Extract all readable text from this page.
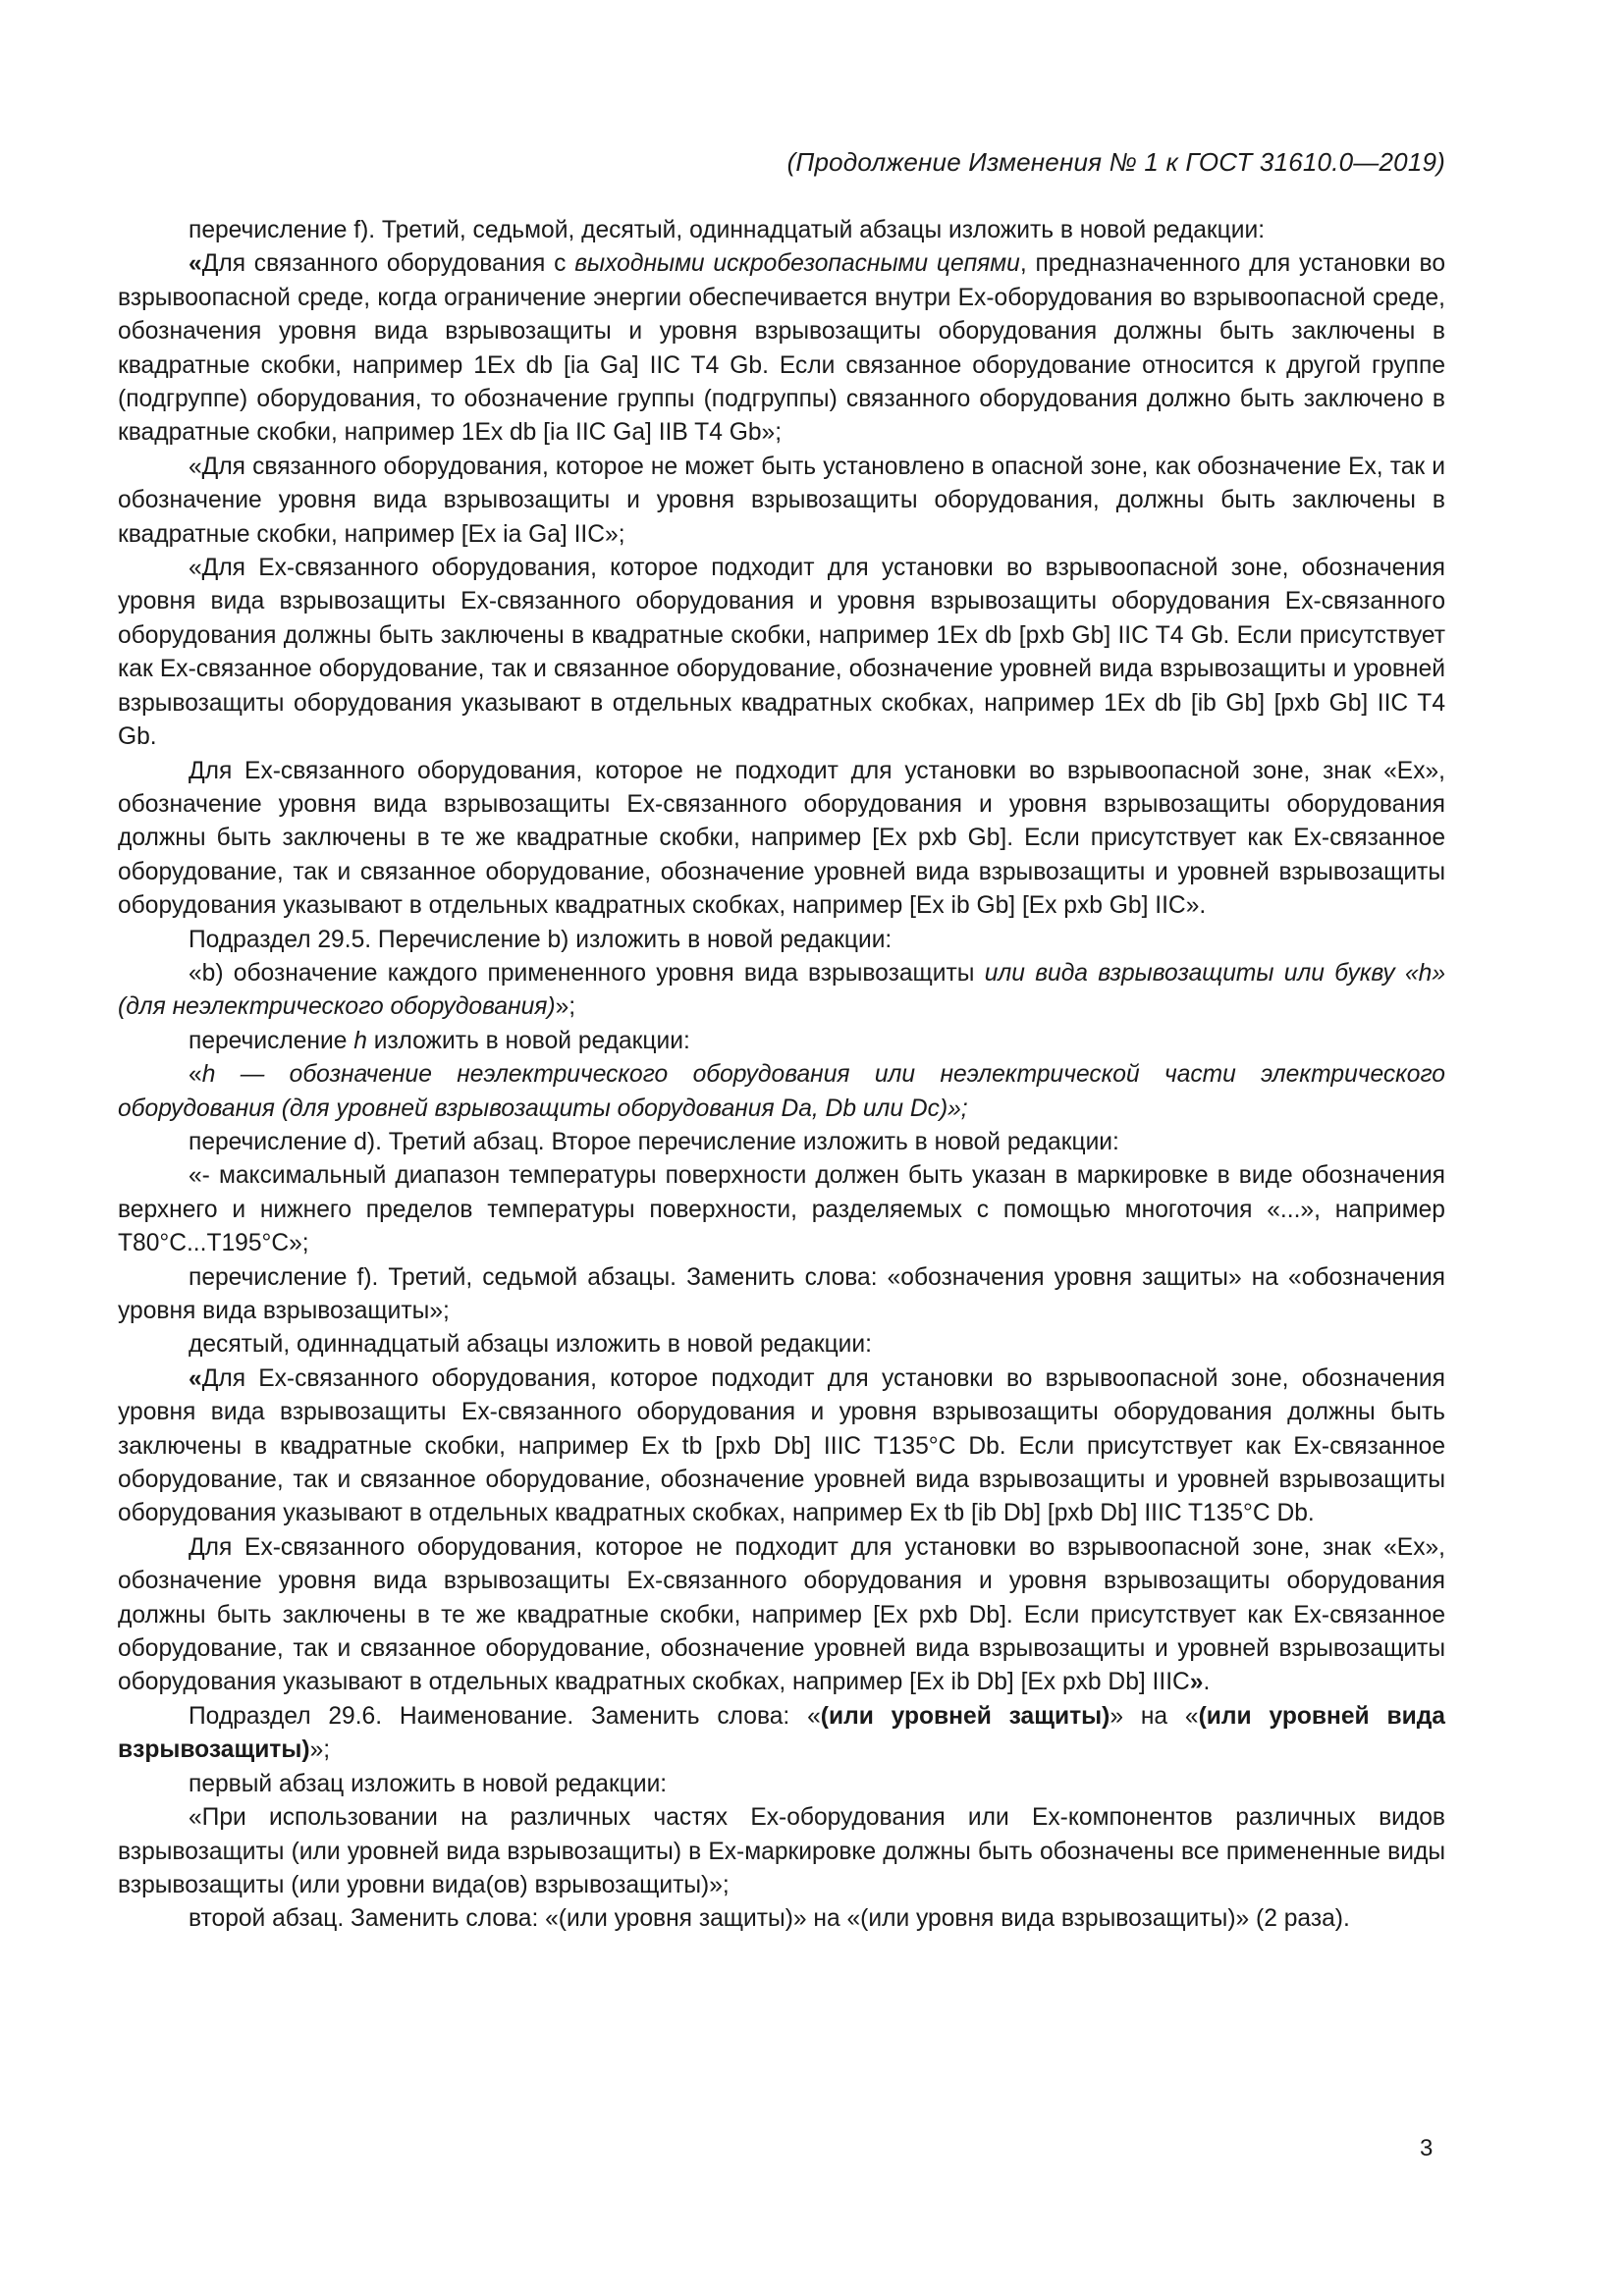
(Продолжение Изменения № 1 к ГОСТ 31610.0—2019)

перечисление f). Третий, седьмой, десятый, одиннадцатый абзацы изложить в новой редакции:

«Для связанного оборудования с выходными искробезопасными цепями, предназначенного для установки во взрывоопасной среде, когда ограничение энергии обеспечивается внутри Ex-оборудования во взрывоопасной среде, обозначения уровня вида взрывозащиты и уровня взрывозащиты оборудования должны быть заключены в квадратные скобки, например 1Ex db [ia Ga] IIC T4 Gb. Если связанное оборудование относится к другой группе (подгруппе) оборудования, то обозначение группы (подгруппы) связанного оборудования должно быть заключено в квадратные скобки, например 1Ex db [ia IIC Ga] IIB T4 Gb»;

«Для связанного оборудования, которое не может быть установлено в опасной зоне, как обозначение Ex, так и обозначение уровня вида взрывозащиты и уровня взрывозащиты оборудования, должны быть заключены в квадратные скобки, например [Ex ia Ga] IIC»;

«Для Ex-связанного оборудования, которое подходит для установки во взрывоопасной зоне, обозначения уровня вида взрывозащиты Ex-связанного оборудования и уровня взрывозащиты оборудования Ex-связанного оборудования должны быть заключены в квадратные скобки, например 1Ex db [pxb Gb] IIC T4 Gb. Если присутствует как Ex-связанное оборудование, так и связанное оборудование, обозначение уровней вида взрывозащиты и уровней взрывозащиты оборудования указывают в отдельных квадратных скобках, например 1Ex db [ib Gb] [pxb Gb] IIC T4 Gb.

Для Ex-связанного оборудования, которое не подходит для установки во взрывоопасной зоне, знак «Ex», обозначение уровня вида взрывозащиты Ex-связанного оборудования и уровня взрывозащиты оборудования должны быть заключены в те же квадратные скобки, например [Ex pxb Gb]. Если присутствует как Ex-связанное оборудование, так и связанное оборудование, обозначение уровней вида взрывозащиты и уровней взрывозащиты оборудования указывают в отдельных квадратных скобках, например [Ex ib Gb] [Ex pxb Gb] IIC».

Подраздел 29.5. Перечисление b) изложить в новой редакции:

«b) обозначение каждого примененного уровня вида взрывозащиты или вида взрывозащиты или букву «h» (для неэлектрического оборудования)»;

перечисление h изложить в новой редакции:

«h — обозначение неэлектрического оборудования или неэлектрической части электрического оборудования (для уровней взрывозащиты оборудования Da, Db или Dc)»;

перечисление d). Третий абзац. Второе перечисление изложить в новой редакции:

«- максимальный диапазон температуры поверхности должен быть указан в маркировке в виде обозначения верхнего и нижнего пределов температуры поверхности, разделяемых с помощью многоточия «...», например T80°C...T195°C»;

перечисление f). Третий, седьмой абзацы. Заменить слова: «обозначения уровня защиты» на «обозначения уровня вида взрывозащиты»;

десятый, одиннадцатый абзацы изложить в новой редакции:

«Для Ex-связанного оборудования, которое подходит для установки во взрывоопасной зоне, обозначения уровня вида взрывозащиты Ex-связанного оборудования и уровня взрывозащиты оборудования должны быть заключены в квадратные скобки, например Ex tb [pxb Db] IIIC T135°C Db. Если присутствует как Ex-связанное оборудование, так и связанное оборудование, обозначение уровней вида взрывозащиты и уровней взрывозащиты оборудования указывают в отдельных квадратных скобках, например Ex tb [ib Db] [pxb Db] IIIC T135°C Db.

Для Ex-связанного оборудования, которое не подходит для установки во взрывоопасной зоне, знак «Ex», обозначение уровня вида взрывозащиты Ex-связанного оборудования и уровня взрывозащиты оборудования должны быть заключены в те же квадратные скобки, например [Ex pxb Db]. Если присутствует как Ex-связанное оборудование, так и связанное оборудование, обозначение уровней вида взрывозащиты и уровней взрывозащиты оборудования указывают в отдельных квадратных скобках, например [Ex ib Db] [Ex pxb Db] IIIC».

Подраздел 29.6. Наименование. Заменить слова: «(или уровней защиты)» на «(или уровней вида взрывозащиты)»;

первый абзац изложить в новой редакции:

«При использовании на различных частях Ex-оборудования или Ex-компонентов различных видов взрывозащиты (или уровней вида взрывозащиты) в Ex-маркировке должны быть обозначены все примененные виды взрывозащиты (или уровни вида(ов) взрывозащиты)»;

второй абзац. Заменить слова: «(или уровня защиты)» на «(или уровня вида взрывозащиты)» (2 раза).

3
